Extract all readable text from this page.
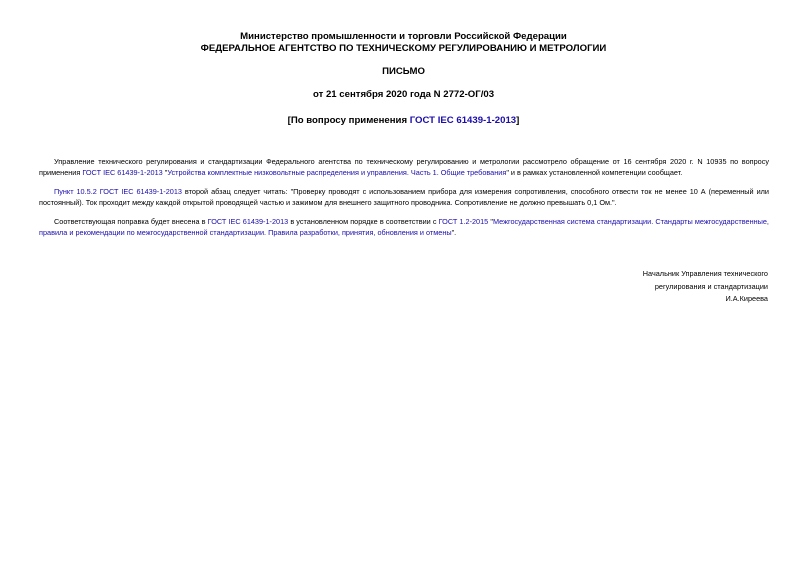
Министерство промышленности и торговли Российской Федерации
ФЕДЕРАЛЬНОЕ АГЕНТСТВО ПО ТЕХНИЧЕСКОМУ РЕГУЛИРОВАНИЮ И МЕТРОЛОГИИ
ПИСЬМО
от 21 сентября 2020 года N 2772-ОГ/03
[По вопросу применения ГОСТ IEC 61439-1-2013]
Управление технического регулирования и стандартизации Федерального агентства по техническому регулированию и метрологии рассмотрело обращение от 16 сентября 2020 г. N 10935 по вопросу применения ГОСТ IEC 61439-1-2013 "Устройства комплектные низковольтные распределения и управления. Часть 1. Общие требования" и в рамках установленной компетенции сообщает.
Пункт 10.5.2 ГОСТ IEC 61439-1-2013 второй абзац следует читать: "Проверку проводят с использованием прибора для измерения сопротивления, способного отвести ток не менее 10 А (переменный или постоянный). Ток проходит между каждой открытой проводящей частью и зажимом для внешнего защитного проводника. Сопротивление не должно превышать 0,1 Ом.".
Соответствующая поправка будет внесена в ГОСТ IEC 61439-1-2013 в установленном порядке в соответствии с ГОСТ 1.2-2015 "Межгосударственная система стандартизации. Стандарты межгосударственные, правила и рекомендации по межгосударственной стандартизации. Правила разработки, принятия, обновления и отмены".
Начальник Управления технического
регулирования и стандартизации
И.А.Киреева
